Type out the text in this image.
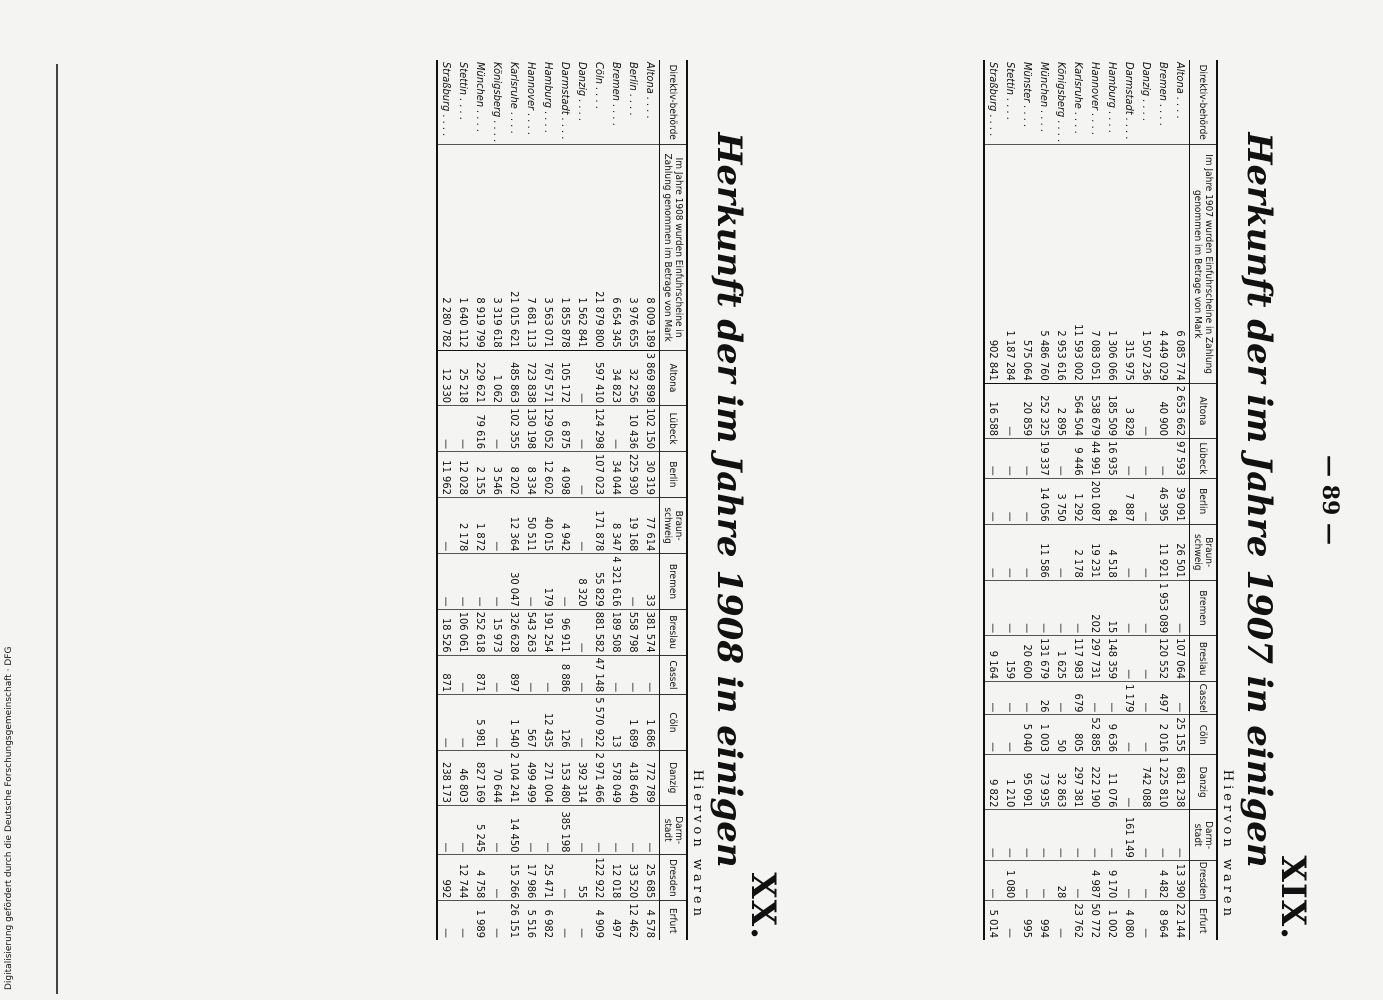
Digitalisierung gefördert durch die Deutsche Forschungsgemeinschaft · DFG
— 89 —
XIX.
Herkunft der im Jahre 1907 in einigen
Hiervon waren
Direktiv-behörde	Im Jahre 1907 wurden Einfuhrscheine in Zahlung genommen im Betrage von Mark	Altona	Lübeck	Berlin	Braun-schweig	Bremen	Breslau	Cassel	Cöln	Danzig	Darm-stadt	Dresden	Erfurt
Altona . . . .	6 085 774	2 653 662	97 593	39 091	26 501	—	107 064	—	25 155	681 238	—	13 390	22 144
Bremen . . . .	4 449 029	40 900	—	46 395	11 921	1 953 089	120 552	497	2 016	1 225 810	—	4 482	8 964
Danzig . . . .	1 507 236	—	—	—	—	—	—	—	—	742 088	—	—	—
Darmstadt . . . .	315 975	3 829	—	7 887	—	—	—	1 179	—	—	161 149	—	4 080
Hamburg . . . .	1 306 066	185 509	16 935	84	4 518	15	148 359	—	9 636	11 076	—	9 170	1 002
Hannover . . . .	7 083 051	538 679	44 991	201 087	19 231	202	297 731	—	52 885	222 190	—	4 987	50 772
Karlsruhe . . . .	11 593 002	564 504	9 446	1 292	2 178	—	117 983	679	805	297 381	—	—	23 762
Königsberg . . . .	2 953 616	2 895	—	3 750	—	—	1 625	—	50	32 863	—	28	—
München . . . .	5 486 760	252 325	19 337	14 056	11 586	—	131 679	26	1 003	73 935	—	—	994
Münster . . . .	575 064	20 859	—	—	—	—	20 600	—	5 040	95 091	—	—	995
Stettin . . . .	1 187 284	—	—	—	—	—	159	—	—	1 210	—	1 080	—
Straßburg . . . .	902 841	16 588	—	—	—	—	9 164	—	—	9 822	—	—	5 014
XX.
Herkunft der im Jahre 1908 in einigen
Hiervon waren
Direktiv-behörde	Im Jahre 1908 wurden Einfuhrscheine in Zahlung genommen im Betrage von Mark	Altona	Lübeck	Berlin	Braun-schweig	Bremen	Breslau	Cassel	Cöln	Danzig	Darm-stadt	Dresden	Erfurt
Altona . . . .	8 009 189	3 869 898	102 150	30 319	77 614	33	381 574	—	1 686	772 789	—	25 685	4 578
Berlin . . . .	3 976 655	32 256	10 436	225 930	19 168	—	558 798	—	1 689	418 640	—	33 520	12 462
Bremen . . . .	6 654 345	34 823	—	34 044	8 347	4 321 616	189 508	—	13	578 049	—	12 018	497
Cöln . . . .	21 879 800	597 410	124 298	107 023	171 878	55 829	881 582	47 148	5 570 922	2 971 466	—	122 922	4 909
Danzig . . . .	1 562 841	—	—	—	—	8 320	—	—	—	392 314	—	55	—
Darmstadt . . . .	1 855 878	105 172	6 875	4 098	4 942	—	96 911	8 886	126	153 480	385 198	—	—
Hamburg . . . .	3 563 071	767 571	129 052	12 602	40 015	179	191 254	—	12 435	271 004	—	25 471	6 982
Hannover . . . .	7 681 113	723 838	130 198	8 334	50 511	—	543 263	—	567	499 499	—	17 986	5 516
Karlsruhe . . . .	21 015 621	485 863	102 355	8 202	12 364	30 047	326 628	897	1 540	2 104 241	14 450	15 266	26 151
Königsberg . . . .	3 319 618	1 062	—	3 546	—	—	15 973	—	—	70 644	—	—	—
München . . . .	8 919 799	229 621	79 616	2 155	1 872	—	252 618	871	5 981	827 169	5 245	4 758	1 989
Stettin . . . .	1 640 112	25 218	—	12 028	2 178	—	106 061	—	—	46 803	—	12 744	—
Straßburg . . . .	2 280 782	12 330	—	11 962	—	—	18 526	871	—	238 173	—	992	—
